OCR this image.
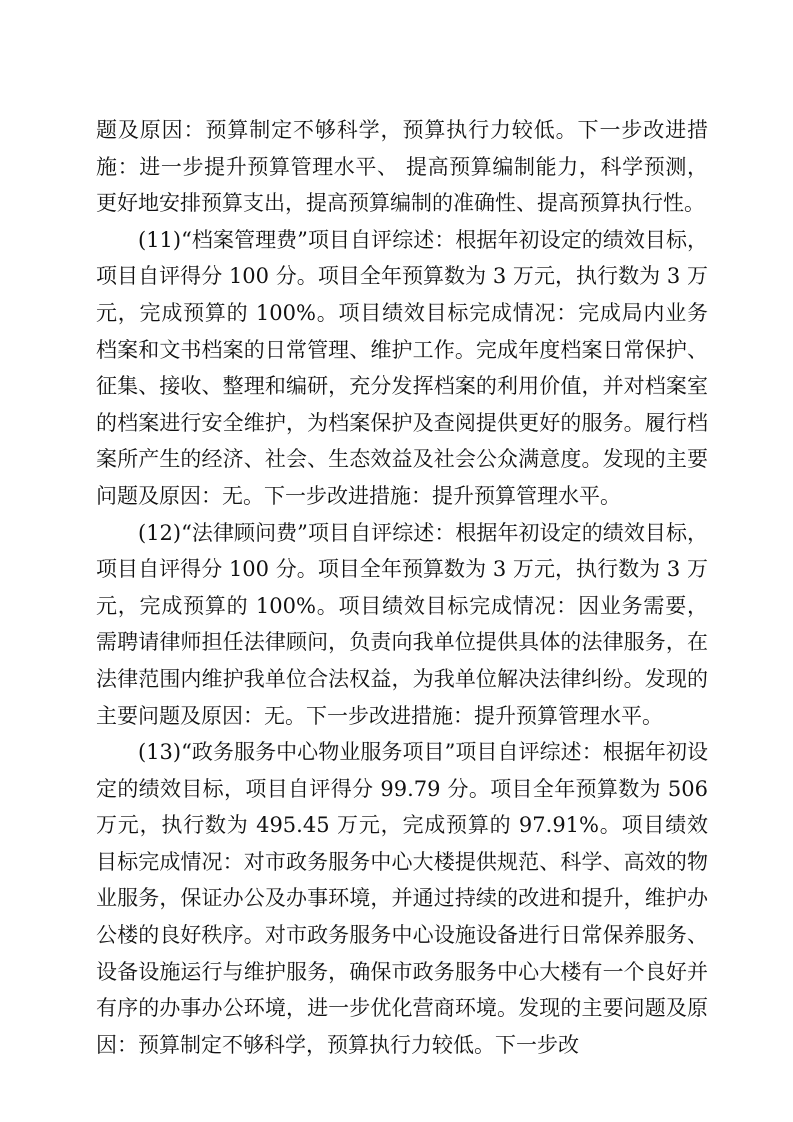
题及原因：预算制定不够科学，预算执行力较低。下一步改进措施：进一步提升预算管理水平、 提高预算编制能力，科学预测，更好地安排预算支出，提高预算编制的准确性、提高预算执行性。

(11)“档案管理费”项目自评综述：根据年初设定的绩效目标，项目自评得分 100 分。项目全年预算数为 3 万元，执行数为 3 万元，完成预算的 100%。项目绩效目标完成情况：完成局内业务档案和文书档案的日常管理、维护工作。完成年度档案日常保护、征集、接收、整理和编研，充分发挥档案的利用价值，并对档案室的档案进行安全维护，为档案保护及查阅提供更好的服务。履行档案所产生的经济、社会、生态效益及社会公众满意度。发现的主要问题及原因：无。下一步改进措施：提升预算管理水平。

(12)“法律顾问费”项目自评综述：根据年初设定的绩效目标，项目自评得分 100 分。项目全年预算数为 3 万元，执行数为 3 万元，完成预算的 100%。项目绩效目标完成情况：因业务需要，需聘请律师担任法律顾问，负责向我单位提供具体的法律服务，在法律范围内维护我单位合法权益，为我单位解决法律纠纷。发现的主要问题及原因：无。下一步改进措施：提升预算管理水平。

(13)“政务服务中心物业服务项目”项目自评综述：根据年初设定的绩效目标，项目自评得分 99.79 分。项目全年预算数为 506 万元，执行数为 495.45 万元，完成预算的 97.91%。项目绩效目标完成情况：对市政务服务中心大楼提供规范、科学、高效的物业服务，保证办公及办事环境，并通过持续的改进和提升，维护办公楼的良好秩序。对市政务服务中心设施设备进行日常保养服务、设备设施运行与维护服务，确保市政务服务中心大楼有一个良好并有序的办事办公环境，进一步优化营商环境。发现的主要问题及原因：预算制定不够科学，预算执行力较低。下一步改
